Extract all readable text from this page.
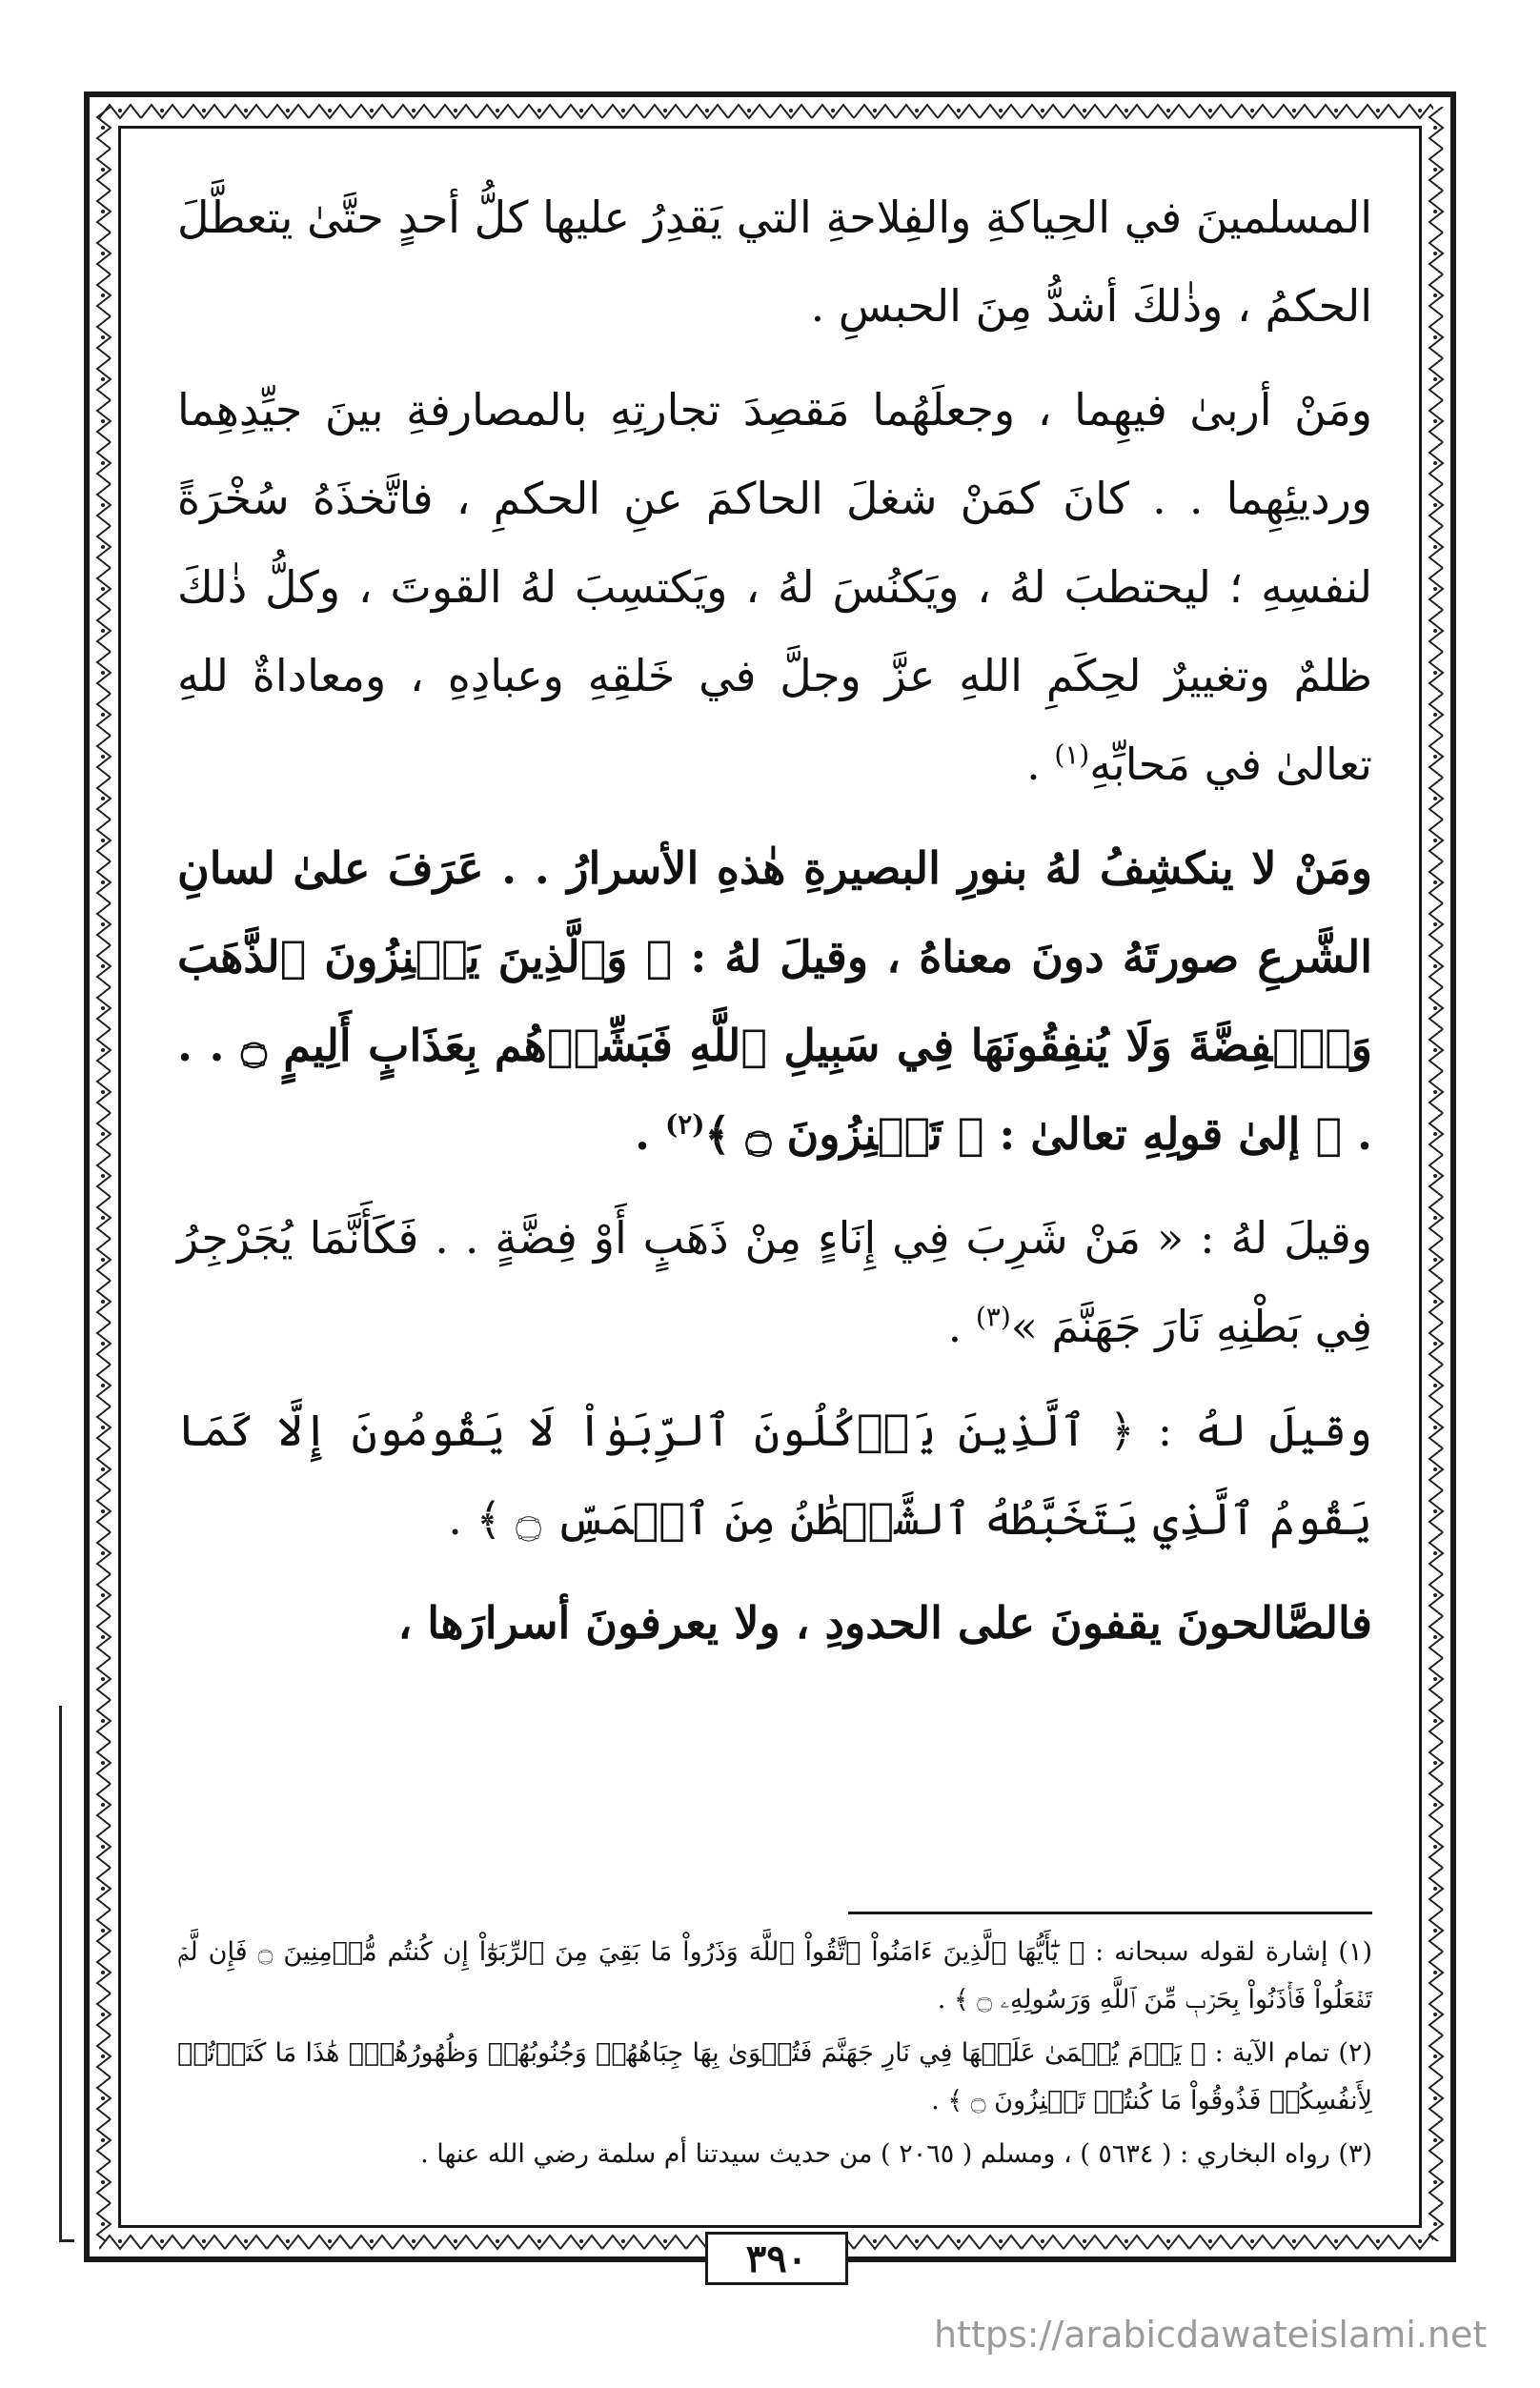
المسلمينَ في الحِياكةِ والفِلاحةِ التي يَقدِرُ عليها كلُّ أحدٍ حتَّىٰ يتعطَّلَ الحكمُ ، وذٰلكَ أشدُّ مِنَ الحبسِ .

ومَنْ أربىٰ فيهِما ، وجعلَهُما مَقصِدَ تجارتِهِ بالمصارفةِ بينَ جيِّدِهِما ورديئِهِما . . كانَ كمَنْ شغلَ الحاكمَ عنِ الحكمِ ، فاتَّخذَهُ سُخْرَةً لنفسِهِ ؛ ليحتطبَ لهُ ، ويَكنُسَ لهُ ، ويَكتسِبَ لهُ القوتَ ، وكلُّ ذٰلكَ ظلمٌ وتغييرٌ لحِكَمِ اللهِ عزَّ وجلَّ في خَلقِهِ وعبادِهِ ، ومعاداةٌ للهِ تعالىٰ في مَحابِّهِ$^{(١)}$ .

ومَنْ لا ينكشِفُ لهُ بنورِ البصيرةِ هٰذهِ الأسرارُ . . عَرَفَ علىٰ لسانِ الشَّرعِ صورتَهُ دونَ معناهُ ، وقيلَ لهُ : ﴿ وَٱلَّذِينَ يَكۡنِزُونَ ٱلذَّهَبَ وَٱلۡفِضَّةَ وَلَا يُنفِقُونَهَا فِي سَبِيلِ ٱللَّهِ فَبَشِّرۡهُم بِعَذَابٍ أَلِيمٍ ۝ . . . ﴾ إلىٰ قولِهِ تعالىٰ : ﴿ تَكۡنِزُونَ ۝ ﴾$^{(٢)}$ .

وقيلَ لهُ : « مَنْ شَرِبَ فِي إِنَاءٍ مِنْ ذَهَبٍ أَوْ فِضَّةٍ . . فَكَأَنَّمَا يُجَرْجِرُ فِي بَطْنِهِ نَارَ جَهَنَّمَ »$^{(٣)}$ .

وقيلَ لهُ : ﴿ ٱلَّذِينَ يَأۡكُلُونَ ٱلرِّبَوٰاْ لَا يَقُومُونَ إِلَّا كَمَا يَقُومُ ٱلَّذِي يَتَخَبَّطُهُ ٱلشَّيۡطَٰنُ مِنَ ٱلۡمَسِّ ۝ ﴾ .

فالصَّالحونَ يقفونَ على الحدودِ ، ولا يعرفونَ أسرارَها ،

(١) إشارة لقوله سبحانه : ﴿ يَٰٓأَيُّهَا ٱلَّذِينَ ءَامَنُواْ ٱتَّقُواْ ٱللَّهَ وَذَرُواْ مَا بَقِيَ مِنَ ٱلرِّبَوٰٓاْ إِن كُنتُم مُّؤۡمِنِينَ ۝ فَإِن لَّمۡ تَفۡعَلُواْ فَأۡذَنُواْ بِحَرۡبٖ مِّنَ ٱللَّهِ وَرَسُولِهِۦ ۝ ﴾ .

(٢) تمام الآية : ﴿ يَوۡمَ يُحۡمَىٰ عَلَيۡهَا فِي نَارِ جَهَنَّمَ فَتُكۡوَىٰ بِهَا جِبَاهُهُمۡ وَجُنُوبُهُمۡ وَظُهُورُهُمۡۖ هَٰذَا مَا كَنَزۡتُمۡ لِأَنفُسِكُمۡ فَذُوقُواْ مَا كُنتُمۡ تَكۡنِزُونَ ۝ ﴾ .

(٣) رواه البخاري : ( ٥٦٣٤ ) ، ومسلم ( ٢٠٦٥ ) من حديث سيدتنا أم سلمة رضي الله عنها .

٣٩٠
https://arabicdawateislami.net
